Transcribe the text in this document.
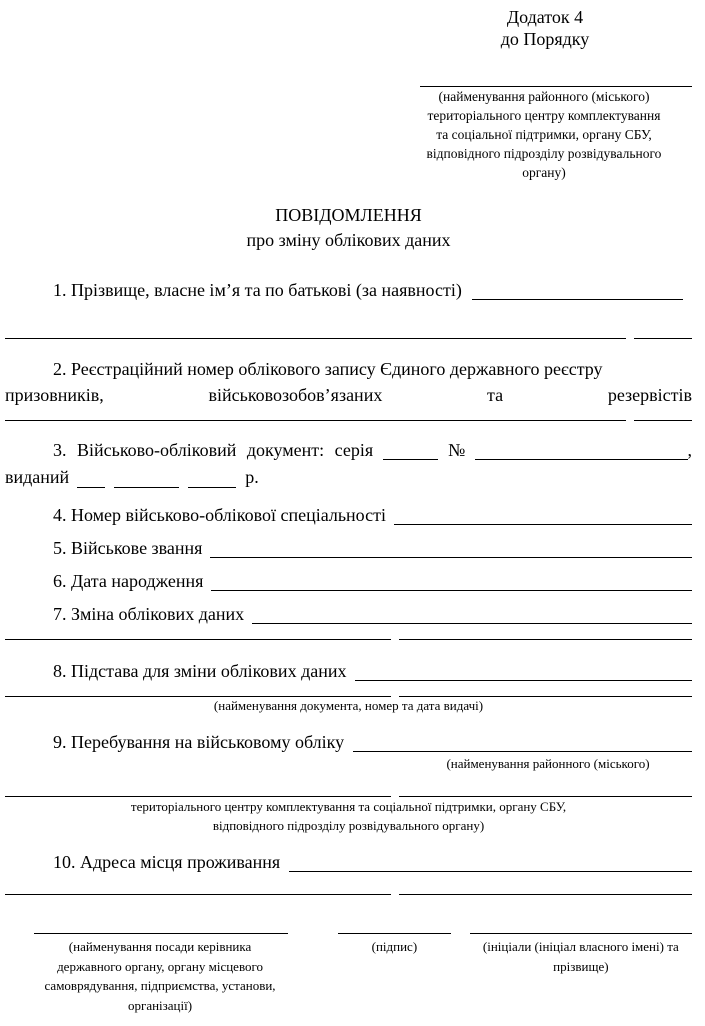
Додаток 4
до Порядку
(найменування районного (міського)
територіального центру комплектування
та соціальної підтримки, органу СБУ,
відповідного підрозділу розвідувального
органу)
ПОВІДОМЛЕННЯ
про зміну облікових даних
1. Прізвище, власне ім’я та по батькові (за наявності)
2. Реєстраційний номер облікового запису Єдиного державного реєстру
призовників,	військовозобов’язаних	та	резервістів
3. Військово-обліковий документ: серія	№	,
виданий	р.
4. Номер військово-облікової спеціальності
5. Військове звання
6. Дата народження
7. Зміна облікових даних
8. Підстава для зміни облікових даних
(найменування документа, номер та дата видачі)
9. Перебування на військовому обліку
(найменування районного (міського)
територіального центру комплектування та соціальної підтримки, органу СБУ,
відповідного підрозділу розвідувального органу)
10. Адреса місця проживання
(найменування посади керівника
державного органу, органу місцевого
самоврядування, підприємства, установи,
організації)
(підпис)	(ініціали (ініціал власного імені) та
прізвище)
